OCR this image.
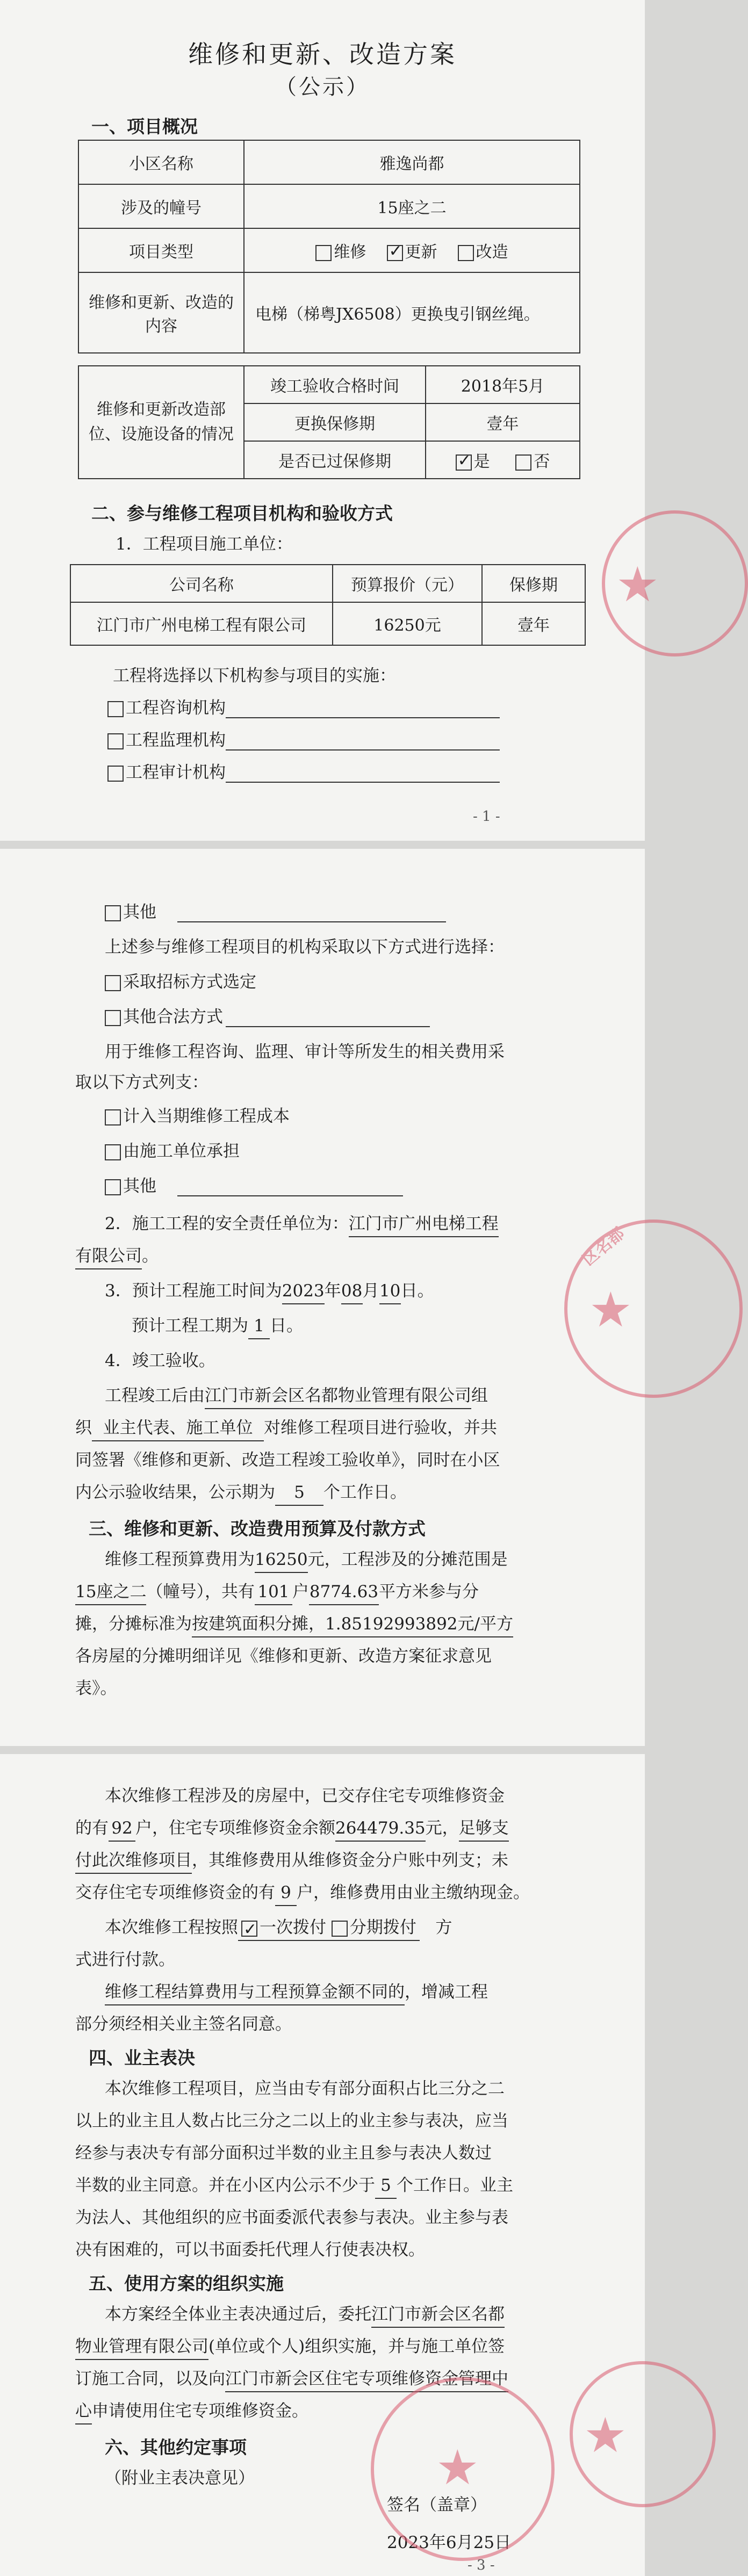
维修和更新、改造方案
（公示）
一、项目概况
小区名称	雅逸尚都
涉及的幢号	15座之二
项目类型	维修 ✓ 更新 改造
维修和更新、改造的内容	电梯（梯粤JX6508）更换曳引钢丝绳。
维修和更新改造部位、设施设备的情况	竣工验收合格时间	2018年5月
	更换保修期	壹年
	是否已过保修期	✓是 否
二、参与维修工程项目机构和验收方式
1．工程项目施工单位：
公司名称	预算报价（元）	保修期
江门市广州电梯工程有限公司	16250元	壹年
工程将选择以下机构参与项目的实施：
工程咨询机构
工程监理机构
工程审计机构
- 1 -
★
其他
上述参与维修工程项目的机构采取以下方式进行选择：
采取招标方式选定
其他合法方式
用于维修工程咨询、监理、审计等所发生的相关费用采
取以下方式列支：
计入当期维修工程成本
由施工单位承担
其他
2．施工工程的安全责任单位为：江门市广州电梯工程
有限公司。
3．预计工程施工时间为2023年08月10日。
预计工程工期为 1 日。
4．竣工验收。
工程竣工后由江门市新会区名都物业管理有限公司组
织 业主代表、施工单位 对维修工程项目进行验收，并共
同签署《维修和更新、改造工程竣工验收单》，同时在小区
内公示验收结果，公示期为 5 个工作日。
三、维修和更新、改造费用预算及付款方式
维修工程预算费用为16250元，工程涉及的分摊范围是
15座之二（幢号），共有 101 户8774.63平方米参与分
摊，分摊标准为按建筑面积分摊，1.85192993892元/平方
各房屋的分摊明细详见《维修和更新、改造方案征求意见
表》。
★
区名都
本次维修工程涉及的房屋中，已交存住宅专项维修资金
的有 92 户，住宅专项维修资金余额264479.35元，足够支
付此次维修项目，其维修费用从维修资金分户账中列支；未
交存住宅专项维修资金的有 9 户，维修费用由业主缴纳现金。
本次维修工程按照 ✓ 一次拨付 分期拨付 方
式进行付款。
维修工程结算费用与工程预算金额不同的，增减工程
部分须经相关业主签名同意。
四、业主表决
本次维修工程项目，应当由专有部分面积占比三分之二
以上的业主且人数占比三分之二以上的业主参与表决，应当
经参与表决专有部分面积过半数的业主且参与表决人数过
半数的业主同意。并在小区内公示不少于 5 个工作日。业主
为法人、其他组织的应书面委派代表参与表决。业主参与表
决有困难的，可以书面委托代理人行使表决权。
五、使用方案的组织实施
本方案经全体业主表决通过后，委托江门市新会区名都
物业管理有限公司(单位或个人)组织实施，并与施工单位签
订施工合同，以及向江门市新会区住宅专项维修资金管理中
心申请使用住宅专项维修资金。
六、其他约定事项
（附业主表决意见）
签名（盖章）
2023年6月25日
- 3 -
★
★
